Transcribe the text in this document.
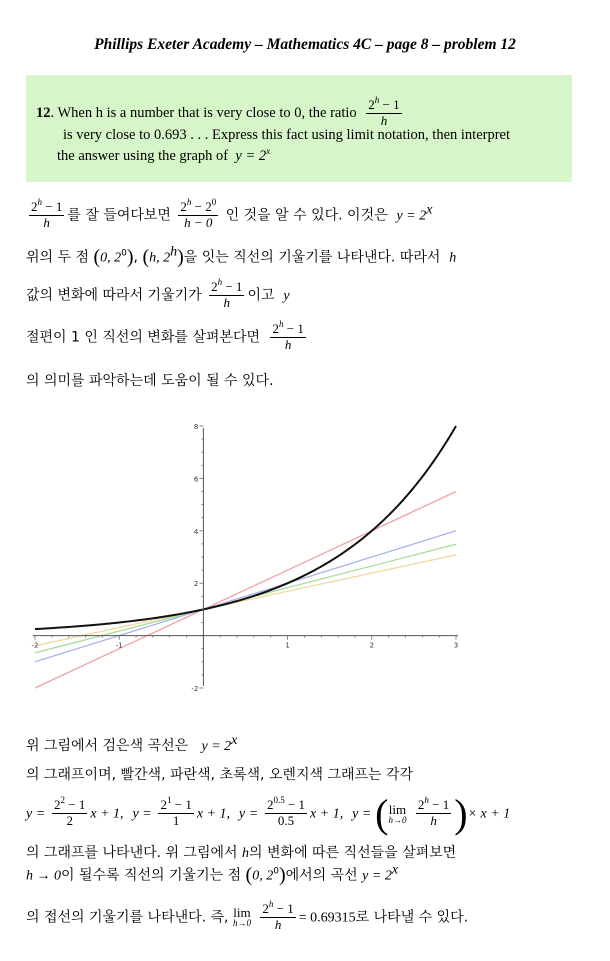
Phillips Exeter Academy – Mathematics 4C – page 8 – problem 12
12. When h is a number that is very close to 0, the ratio $\frac{2^h - 1}{h}$
is very close to 0.693 . . . Express this fact using limit notation, then interpret
the answer using the graph of $y = 2^x$
$\frac{2^h - 1}{h}$ 를 잘 들여다보면 $\frac{2^h - 2^0}{h - 0}$ 인 것을 알 수 있다. 이것은 $y = 2^x$
위의 두 점 (0, $2^0$), (h, 2$^h$)을 잇는 직선의 기울기를 나타낸다. 따라서 h
값의 변화에 따라서 기울기가 $\frac{2^h - 1}{h}$ 이고 y
절편이 1 인 직선의 변화를 살펴본다면 $\frac{2^h - 1}{h}$
의 의미를 파악하는데 도움이 될 수 있다.
-2	-1	1	2	3
-2
2
4
6
8
위 그림에서 검은색 곡선은 $y = 2^x$
의 그래프이며, 빨간색, 파란색, 초록색, 오렌지색 그래프는 각각
$y = \frac{2^2 - 1}{2}$ x + 1, $y = \frac{2^1 - 1}{1}$ x + 1, $y = \frac{2^{0.5} - 1}{0.5}$ x + 1, y = ( lim
h→0
$\frac{2^h - 1}{h}$ )× x + 1
의 그래프를 나타낸다. 위 그림에서 h의 변화에 따른 직선들을 살펴보면
h → 0이 될수록 직선의 기울기는 점 (0, $2^0$)에서의 곡선 $y = 2^x$
의 접선의 기울기를 나타낸다. 즉, lim
h→0
$\frac{2^h - 1}{h} = 0.69315$로 나타낼 수 있다.
